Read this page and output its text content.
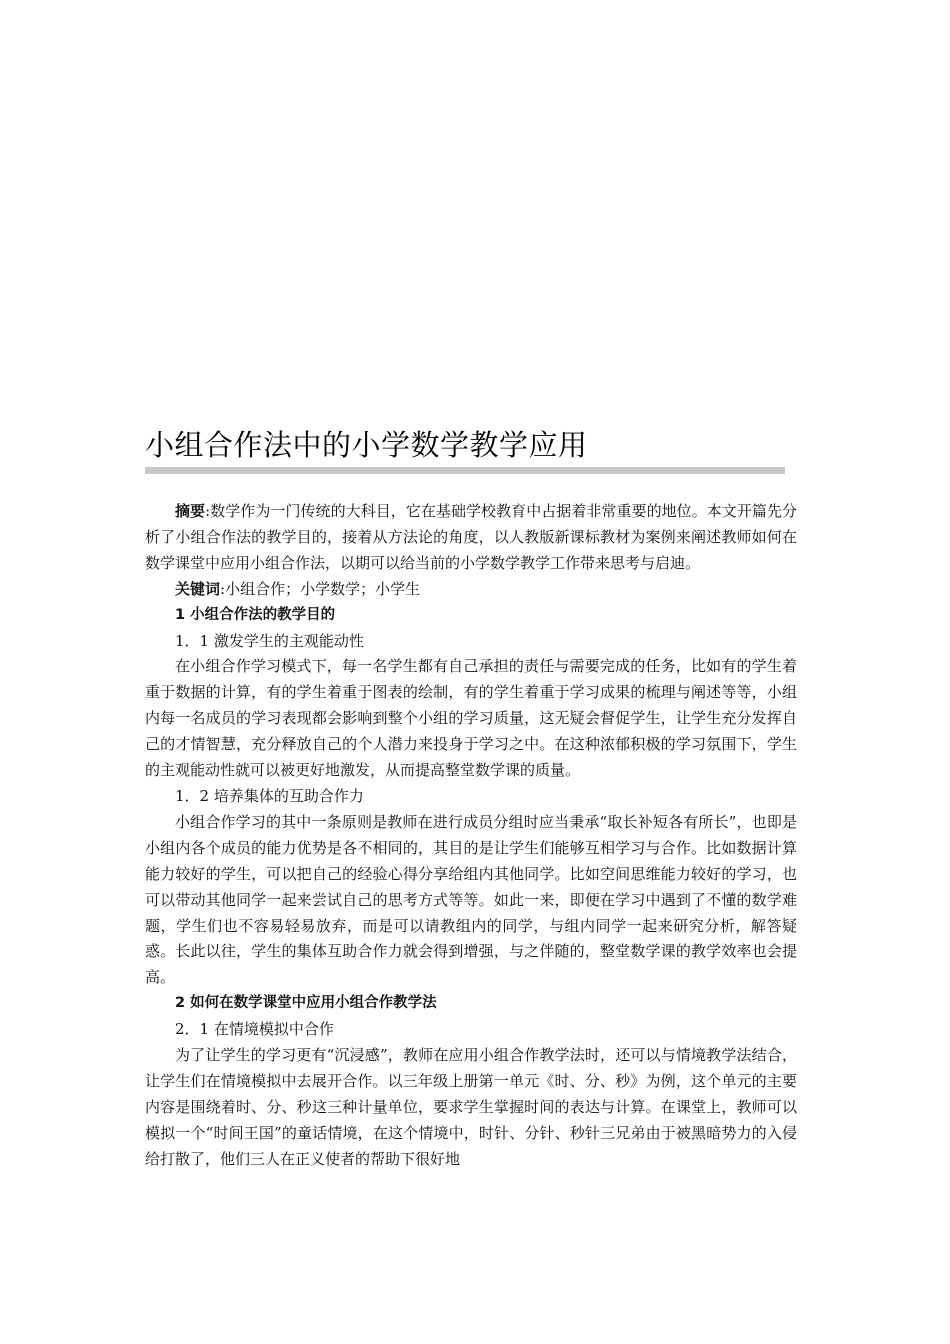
小组合作法中的小学数学教学应用

摘要:数学作为一门传统的大科目，它在基础学校教育中占据着非常重要的地位。本文开篇先分析了小组合作法的教学目的，接着从方法论的角度，以人教版新课标教材为案例来阐述教师如何在数学课堂中应用小组合作法，以期可以给当前的小学数学教学工作带来思考与启迪。

关键词:小组合作；小学数学；小学生

1 小组合作法的教学目的

1．1 激发学生的主观能动性

在小组合作学习模式下，每一名学生都有自己承担的责任与需要完成的任务，比如有的学生着重于数据的计算，有的学生着重于图表的绘制，有的学生着重于学习成果的梳理与阐述等等，小组内每一名成员的学习表现都会影响到整个小组的学习质量，这无疑会督促学生，让学生充分发挥自己的才情智慧，充分释放自己的个人潜力来投身于学习之中。在这种浓郁积极的学习氛围下，学生的主观能动性就可以被更好地激发，从而提高整堂数学课的质量。

1．2 培养集体的互助合作力

小组合作学习的其中一条原则是教师在进行成员分组时应当秉承“取长补短各有所长”，也即是小组内各个成员的能力优势是各不相同的，其目的是让学生们能够互相学习与合作。比如数据计算能力较好的学生，可以把自己的经验心得分享给组内其他同学。比如空间思维能力较好的学习，也可以带动其他同学一起来尝试自己的思考方式等等。如此一来，即便在学习中遇到了不懂的数学难题，学生们也不容易轻易放弃，而是可以请教组内的同学，与组内同学一起来研究分析，解答疑惑。长此以往，学生的集体互助合作力就会得到增强，与之伴随的，整堂数学课的教学效率也会提高。

2 如何在数学课堂中应用小组合作教学法

2．1 在情境模拟中合作

为了让学生的学习更有“沉浸感”，教师在应用小组合作教学法时，还可以与情境教学法结合，让学生们在情境模拟中去展开合作。以三年级上册第一单元《时、分、秒》为例，这个单元的主要内容是围绕着时、分、秒这三种计量单位，要求学生掌握时间的表达与计算。在课堂上，教师可以模拟一个“时间王国”的童话情境，在这个情境中，时针、分针、秒针三兄弟由于被黑暗势力的入侵给打散了，他们三人在正义使者的帮助下很好地
